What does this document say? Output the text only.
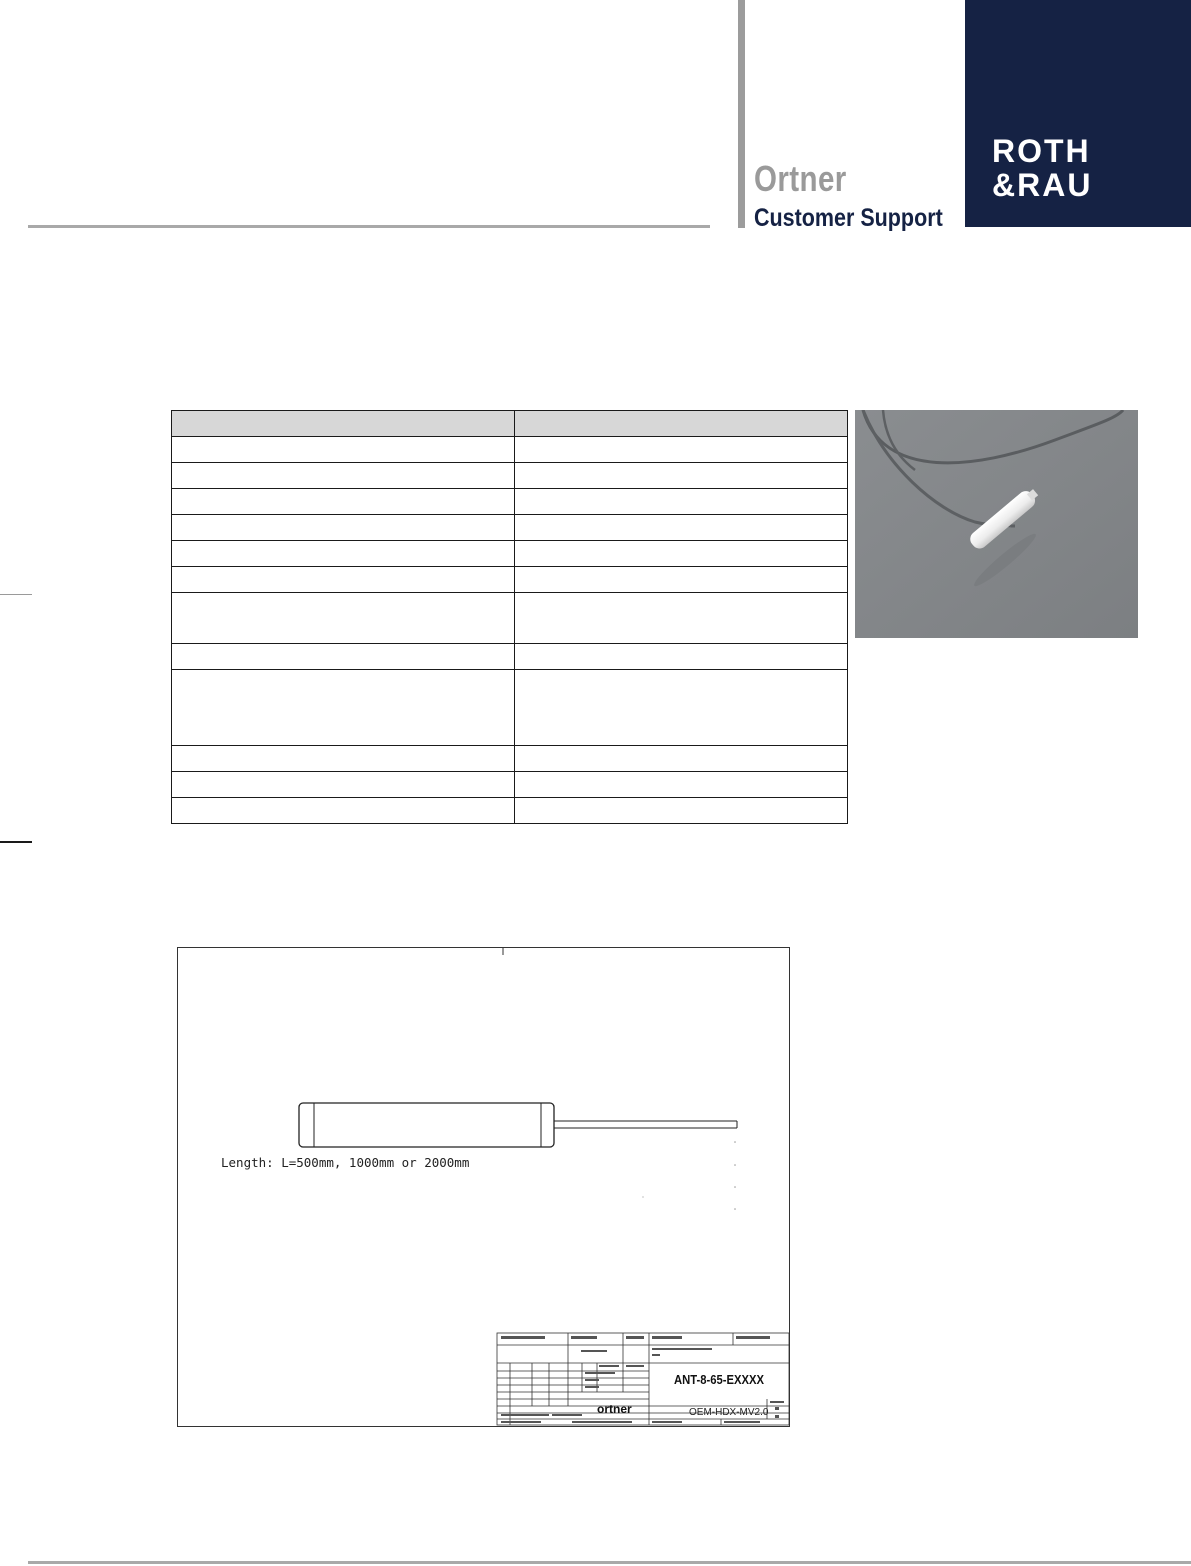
Ortner
Customer Support
ROTH
&RAU

Length: L=500mm, 1000mm or 2000mm
ANT-8-65-EXXXX
ortner	OEM-HDX-MV2.0
